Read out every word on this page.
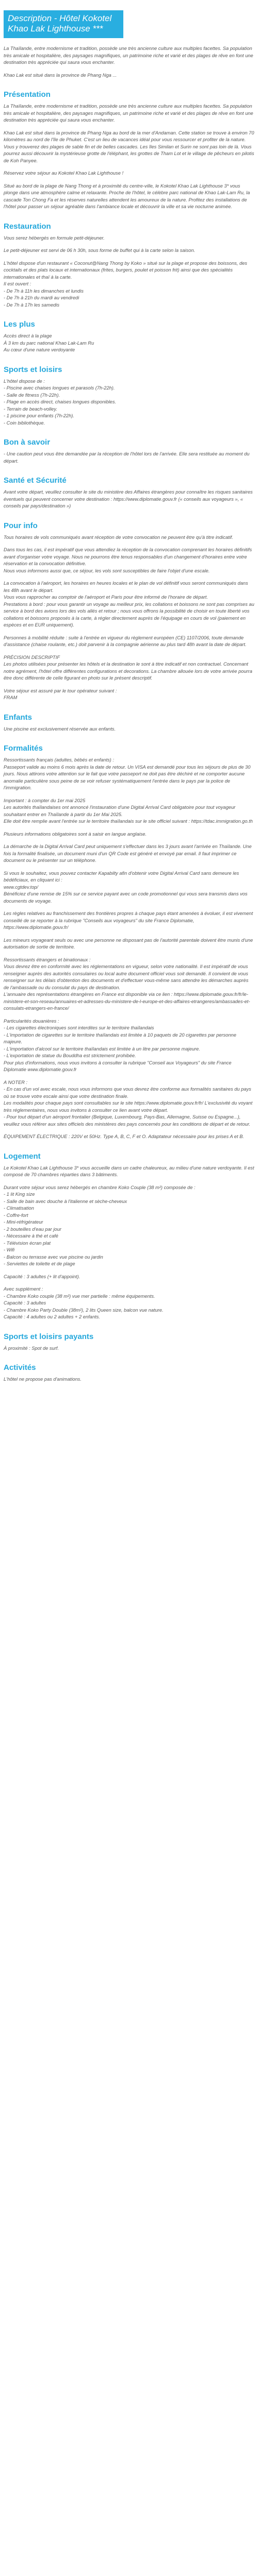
Description - Hôtel Kokotel Khao Lak Lighthouse ***

La Thaïlande, entre modernisme et tradition, possède une très ancienne culture aux multiples facettes. Sa population très amicale et hospitalière, des paysages magnifiques, un patrimoine riche et varié et des plages de rêve en font une destination très appréciée qui saura vous enchanter.

Khao Lak est situé dans la province de Phang Nga ...

Présentation

La Thaïlande, entre modernisme et tradition, possède une très ancienne culture aux multiples facettes. Sa population très amicale et hospitalière, des paysages magnifiques, un patrimoine riche et varié et des plages de rêve en font une destination très appréciée qui saura vous enchanter.

Khao Lak est situé dans la province de Phang Nga au bord de la mer d'Andaman. Cette station se trouve à environ 70 kilomètres au nord de l'île de Phuket. C'est un lieu de vacances idéal pour vous ressourcer et profiter de la nature. Vous y trouverez des plages de sable fin et de belles cascades. Les îles Similan et Surin ne sont pas loin de là. Vous pourrez aussi découvrir la mystérieuse grotte de l'éléphant, les grottes de Tham Lot et le village de pêcheurs en pilotis de Koh Panyee.

Réservez votre séjour au Kokotel Khao Lak Lighthouse !

Situé au bord de la plage de Nang Thong et à proximité du centre-ville, le Kokotel Khao Lak Lighthouse 3* vous plonge dans une atmosphère calme et relaxante. Proche de l'hôtel, le célèbre parc national de Khao Lak-Lam Ru, la cascade Ton Chong Fa et les réserves naturelles attendent les amoureux de la nature. Profitez des installations de l'hôtel pour passer un séjour agréable dans l'ambiance locale et découvrir la ville et sa vie nocturne animée.

Restauration

Vous serez hébergés en formule petit-déjeuner.

Le petit-déjeuner est servi de 06 h 30h, sous forme de buffet qui à la carte selon la saison.

L'hôtel dispose d'un restaurant « Coconut@Nang Thong by Koko » situé sur la plage et propose des boissons, des cocktails et des plats locaux et internationaux (frites, burgers, poulet et poisson frit) ainsi que des spécialités internationales et thaï à la carte.
Il est ouvert :
- De 7h à 11h les dimanches et lundis
- De 7h à 21h du mardi au vendredi
- De 7h à 17h les samedis

Les plus

Accès direct à la plage
À 3 km du parc national Khao Lak-Lam Ru
Au cœur d'une nature verdoyante

Sports et loisirs

L'hôtel dispose de :
- Piscine avec chaises longues et parasols (7h-22h).
- Salle de fitness (7h-22h).
- Plage en accès direct, chaises longues disponibles.
- Terrain de beach-volley.
- 1 piscine pour enfants (7h-22h).
- Coin bibliothèque.

Bon à savoir

- Une caution peut vous être demandée par la réception de l'hôtel lors de l'arrivée. Elle sera restituée au moment du départ.

Santé et Sécurité

Avant votre départ, veuillez consulter le site du ministère des Affaires étrangères pour connaître les risques sanitaires éventuels qui peuvent concerner votre destination : https://www.diplomatie.gouv.fr (« conseils aux voyageurs », « conseils par pays/destination »)

Pour info

Tous horaires de vols communiqués avant réception de votre convocation ne peuvent être qu'à titre indicatif.

Dans tous les cas, il est impératif que vous attendiez la réception de la convocation comprenant les horaires définitifs avant d'organiser votre voyage. Nous ne pourrons être tenus responsables d'un changement d'horaires entre votre réservation et la convocation définitive.
Nous vous informons aussi que, ce séjour, les vols sont susceptibles de faire l'objet d'une escale.

La convocation à l'aéroport, les horaires en heures locales et le plan de vol définitif vous seront communiqués dans les 48h avant le départ.
Vous vous rapprocher au comptoir de l'aéroport et Paris pour être informé de l'horaire de départ.
Prestations à bord : pour vous garantir un voyage au meilleur prix, les collations et boissons ne sont pas comprises au service à bord des avions lors des vols allés et retour ; nous vous offrons la possibilité de choisir en toute liberté vos collations et boissons proposés à la carte, à régler directement auprès de l'équipage en cours de vol (paiement en espèces et en EUR uniquement).

Personnes à mobilité réduite : suite à l'entrée en vigueur du règlement européen (CE) 1107/2006, toute demande d'assistance (chaise roulante, etc.) doit parvenir à la compagnie aérienne au plus tard 48h avant la date de départ.

PRÉCISION DESCRIPTIF
Les photos utilisées pour présenter les hôtels et la destination le sont à titre indicatif et non contractuel. Concernant notre agrément, l'hôtel offre différentes configurations et decorations. La chambre allouée lors de votre arrivée pourra être donc différente de celle figurant en photo sur le présent descriptif.

Votre séjour est assuré par le tour opérateur suivant :
FRAM

Enfants

Une piscine est exclusivement réservée aux enfants.

Formalités

Ressortissants français (adultes, bébés et enfants) :
Passeport valide au moins 6 mois après la date de retour. Un VISA est demandé pour tous les séjours de plus de 30 jours. Nous attirons votre attention sur le fait que votre passeport ne doit pas être déchiré et ne comporter aucune anomalie particulière sous peine de se voir refuser systématiquement l'entrée dans le pays par la police de l'immigration.

Important : à compter du 1er mai 2025
Les autorités thaïlandaises ont annoncé l'instauration d'une Digital Arrival Card obligatoire pour tout voyageur souhaitant entrer en Thaïlande à partir du 1er Mai 2025.
Elle doit être remplie avant l'entrée sur le territoire thaïlandais sur le site officiel suivant : https://tdac.immigration.go.th

Plusieurs informations obligatoires sont à saisir en langue anglaise.

La démarche de la Digital Arrival Card peut uniquement s'effectuer dans les 3 jours avant l'arrivée en Thaïlande. Une fois la formalité finalisée, un document muni d'un QR Code est généré et envoyé par email. Il faut imprimer ce document ou le présenter sur un téléphone.

Si vous le souhaitez, vous pouvez contacter Kapabilty afin d'obtenir votre Digital Arrival Card sans demeure les bédéficiaux, en cliquant ici :
www.cgtdev.top/
Bénéficiez d'une remise de 15% sur ce service payant avec un code promotionnel qui vous sera transmis dans vos documents de voyage.

Les règles relatives au franchissement des frontières propres à chaque pays étant amenées à évoluer, il est vivement conseillé de se reporter à la rubrique "Conseils aux voyageurs" du site France Diplomatie,
https://www.diplomatie.gouv.fr/

Les mineurs voyageant seuls ou avec une personne ne disposant pas de l'autorité parentale doivent être munis d'une autorisation de sortie de territoire.

Ressortissants étrangers et binationaux :
Vous devrez être en conformité avec les réglementations en vigueur, selon votre nationalité. Il est impératif de vous renseigner auprès des autorités consulaires ou local autre document officiel vous soit demandé. Il convient de vous renseigner sur les délais d'obtention des documents et d'effectuer vous-même sans attendre les démarches auprès de l'ambassade ou du consulat du pays de destination.
L'annuaire des représentations étrangères en France est disponible via ce lien : https://www.diplomatie.gouv.fr/fr/le-ministere-et-son-reseau/annuaires-et-adresses-du-ministere-de-l-europe-et-des-affaires-etrangeres/ambassades-et-consulats-etrangers-en-france/

Particularités douanières :
- Les cigarettes électroniques sont interdites sur le territoire thaïlandais
- L'importation de cigarettes sur le territoire thaïlandais est limitée à 10 paquets de 20 cigarettes par personne majeure.
- L'importation d'alcool sur le territoire thaïlandais est limitée à un litre par personne majeure.
- L'exportation de statue du Bouddha est strictement prohibée.
Pour plus d'informations, nous vous invitons à consulter la rubrique "Conseil aux Voyageurs" du site France Diplomatie www.diplomatie.gouv.fr

A NOTER :
- En cas d'un vol avec escale, nous vous informons que vous devrez être conforme aux formalités sanitaires du pays où se trouve votre escale ainsi que votre destination finale.
Les modalités pour chaque pays sont consultables sur le site https://www.diplomatie.gouv.fr/fr/ L'exclusivité du voyant très réglementaires, nous vous invitons à consulter ce lien avant votre départ.
- Pour tout départ d'un aéroport frontalier (Belgique, Luxembourg, Pays-Bas, Allemagne, Suisse ou Espagne...), veuillez vous référer aux sites officiels des ministères des pays concernés pour les conditions de départ et de retour.

ÉQUIPEMENT ÉLECTRIQUE : 220V et 50Hz. Type A, B, C, F et O. Adaptateur nécessaire pour les prises A et B.

Logement

Le Kokotel Khao Lak Lighthouse 3* vous accueille dans un cadre chaleureux, au milieu d'une nature verdoyante. Il est composé de 70 chambres réparties dans 3 bâtiments.

Durant votre séjour vous serez hébergés en chambre Koko Couple (38 m²) composée de :
- 1 lit King size
- Salle de bain avec douche à l'italienne et sèche-cheveux
- Climatisation
- Coffre-fort
- Mini-réfrigérateur
- 2 bouteilles d'eau par jour
- Nécessaire à thé et café
- Télévision écran plat
- Wifi
- Balcon ou terrasse avec vue piscine ou jardin
- Serviettes de toilette et de plage

Capacité : 3 adultes (+ lit d'appoint).

Avec supplément :
- Chambre Koko couple (38 m²) vue mer partielle : même équipements.
Capacité : 3 adultes
- Chambre Koko Party Double (38m²), 2 lits Queen size, balcon vue nature.
Capacité : 4 adultes ou 2 adultes + 2 enfants.

Sports et loisirs payants

À proximité : Spot de surf.

Activités

L'hôtel ne propose pas d'animations.
